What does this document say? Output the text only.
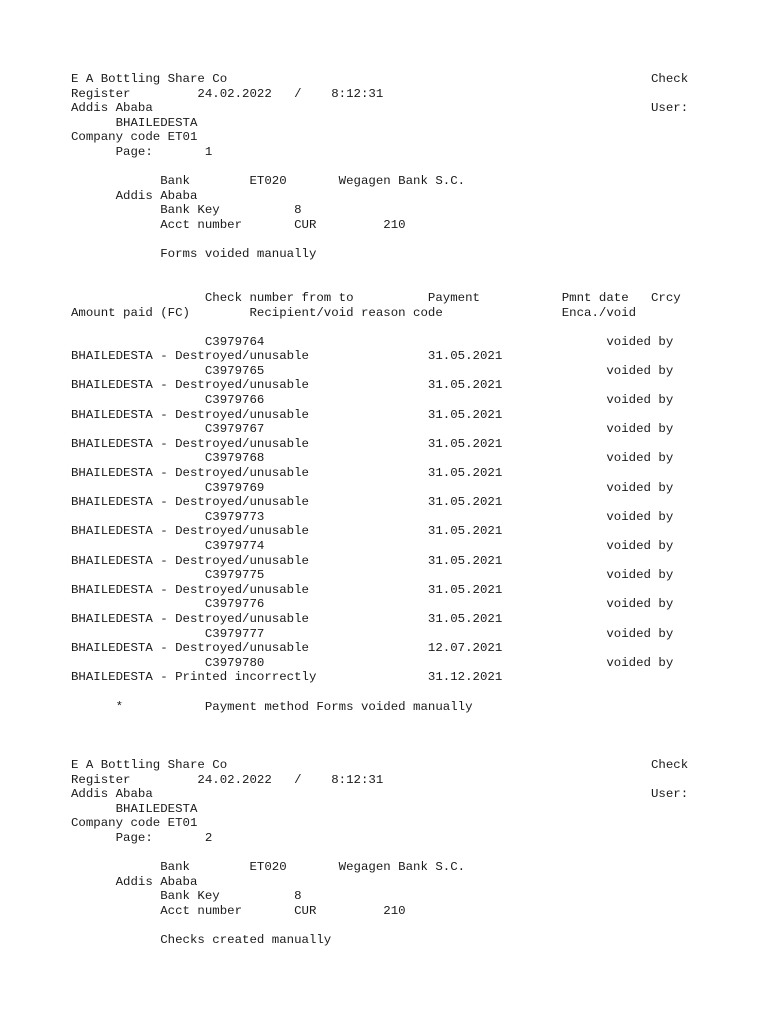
E A Bottling Share Co                                                         Check
Register         24.02.2022   /    8:12:31
Addis Ababa                                                                   User:
BHAILEDESTA
Company code ET01
Page:       1
Bank        ET020       Wegagen Bank S.C.
Addis Ababa
Bank Key          8
Acct number       CUR         210
Forms voided manually
Check number from to          Payment           Pmnt date   Crcy
Amount paid (FC)        Recipient/void reason code                Enca./void
C3979764                                              voided by
BHAILEDESTA - Destroyed/unusable                31.05.2021
C3979765                                              voided by
BHAILEDESTA - Destroyed/unusable                31.05.2021
C3979766                                              voided by
BHAILEDESTA - Destroyed/unusable                31.05.2021
C3979767                                              voided by
BHAILEDESTA - Destroyed/unusable                31.05.2021
C3979768                                              voided by
BHAILEDESTA - Destroyed/unusable                31.05.2021
C3979769                                              voided by
BHAILEDESTA - Destroyed/unusable                31.05.2021
C3979773                                              voided by
BHAILEDESTA - Destroyed/unusable                31.05.2021
C3979774                                              voided by
BHAILEDESTA - Destroyed/unusable                31.05.2021
C3979775                                              voided by
BHAILEDESTA - Destroyed/unusable                31.05.2021
C3979776                                              voided by
BHAILEDESTA - Destroyed/unusable                31.05.2021
C3979777                                              voided by
BHAILEDESTA - Destroyed/unusable                12.07.2021
C3979780                                              voided by
BHAILEDESTA - Printed incorrectly               31.12.2021
*           Payment method Forms voided manually
E A Bottling Share Co                                                         Check
Register         24.02.2022   /    8:12:31
Addis Ababa                                                                   User:
BHAILEDESTA
Company code ET01
Page:       2
Bank        ET020       Wegagen Bank S.C.
Addis Ababa
Bank Key          8
Acct number       CUR         210
Checks created manually
